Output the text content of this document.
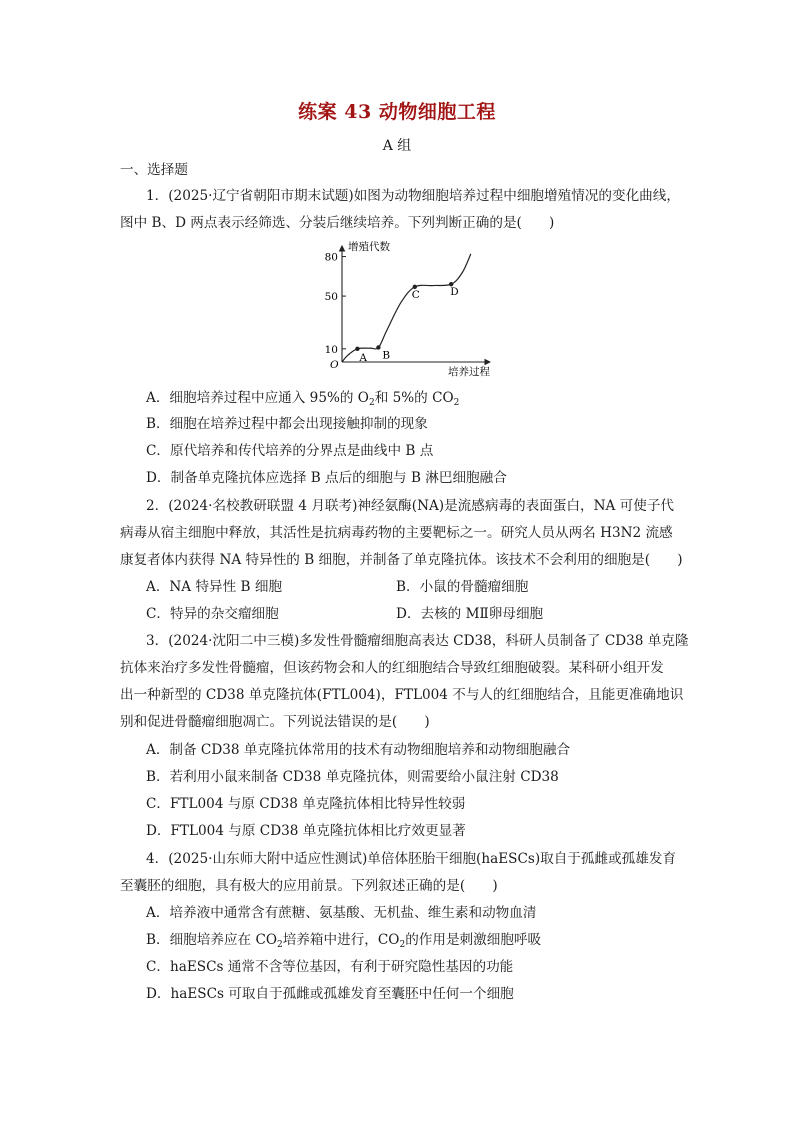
练案 43 动物细胞工程
A 组
一、选择题
1．(2025·辽宁省朝阳市期末试题)如图为动物细胞培养过程中细胞增殖情况的变化曲线，
图中 B、D 两点表示经筛选、分装后继续培养。下列判断正确的是(　　)
增殖代数
培养过程
O
10
50
80
A B
C	D
A．细胞培养过程中应通入 95%的 $O_2$和 5%的 $CO_2$
B．细胞在培养过程中都会出现接触抑制的现象
C．原代培养和传代培养的分界点是曲线中 B 点
D．制备单克隆抗体应选择 B 点后的细胞与 B 淋巴细胞融合
2．(2024·名校教研联盟 4 月联考)神经氨酶(NA)是流感病毒的表面蛋白，NA 可使子代
病毒从宿主细胞中释放，其活性是抗病毒药物的主要靶标之一。研究人员从两名 H3N2 流感
康复者体内获得 NA 特异性的 B 细胞，并制备了单克隆抗体。该技术不会利用的细胞是(　　)
A．NA 特异性 B 细胞	B．小鼠的骨髓瘤细胞
C．特异的杂交瘤细胞	D．去核的 MⅡ卵母细胞
3．(2024·沈阳二中三模)多发性骨髓瘤细胞高表达 CD38，科研人员制备了 CD38 单克隆
抗体来治疗多发性骨髓瘤，但该药物会和人的红细胞结合导致红细胞破裂。某科研小组开发
出一种新型的 CD38 单克隆抗体(FTL004)，FTL004 不与人的红细胞结合，且能更准确地识
别和促进骨髓瘤细胞凋亡。下列说法错误的是(　　)
A．制备 CD38 单克隆抗体常用的技术有动物细胞培养和动物细胞融合
B．若利用小鼠来制备 CD38 单克隆抗体，则需要给小鼠注射 CD38
C．FTL004 与原 CD38 单克隆抗体相比特异性较弱
D．FTL004 与原 CD38 单克隆抗体相比疗效更显著
4．(2025·山东师大附中适应性测试)单倍体胚胎干细胞(haESCs)取自于孤雌或孤雄发育
至囊胚的细胞，具有极大的应用前景。下列叙述正确的是(　　)
A．培养液中通常含有蔗糖、氨基酸、无机盐、维生素和动物血清
B．细胞培养应在 $CO_2$培养箱中进行，$CO_2$的作用是刺激细胞呼吸
C．haESCs 通常不含等位基因，有利于研究隐性基因的功能
D．haESCs 可取自于孤雌或孤雄发育至囊胚中任何一个细胞
